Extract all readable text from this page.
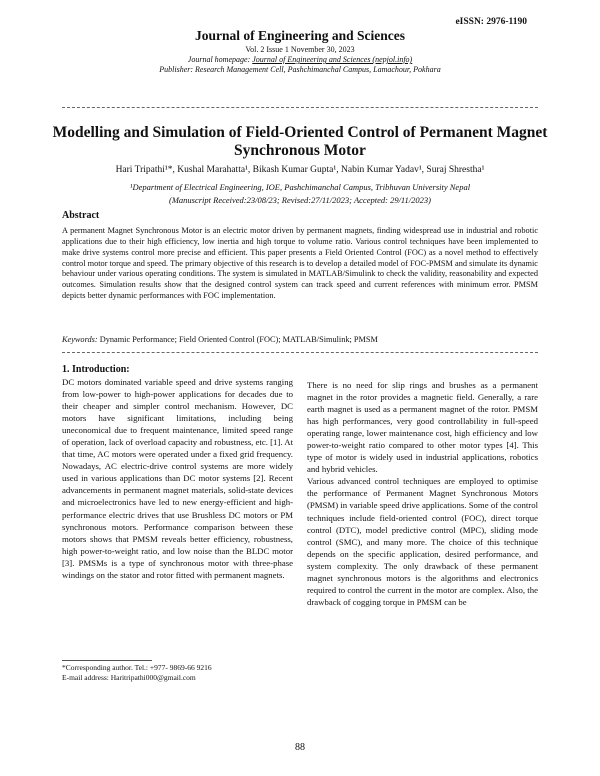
eISSN: 2976-1190
Journal of Engineering and Sciences
Vol. 2 Issue 1 November 30, 2023
Journal homepage: Journal of Engineering and Sciences (nepjol.info)
Publisher: Research Management Cell, Pashchimanchal Campus, Lamachour, Pokhara
Modelling and Simulation of Field-Oriented Control of Permanent Magnet Synchronous Motor
Hari Tripathi¹*, Kushal Marahatta¹, Bikash Kumar Gupta¹, Nabin Kumar Yadav¹, Suraj Shrestha¹
¹Department of Electrical Engineering, IOE, Pashchimanchal Campus, Tribhuvan University Nepal
(Manuscript Received:23/08/23; Revised:27/11/2023; Accepted: 29/11/2023)
Abstract
A permanent Magnet Synchronous Motor is an electric motor driven by permanent magnets, finding widespread use in industrial and robotic applications due to their high efficiency, low inertia and high torque to volume ratio. Various control techniques have been implemented to make drive systems control more precise and efficient. This paper presents a Field Oriented Control (FOC) as a novel method to effectively control motor torque and speed. The primary objective of this research is to develop a detailed model of FOC-PMSM and simulate its dynamic behaviour under various operating conditions. The system is simulated in MATLAB/Simulink to check the validity, reasonability and expected outcomes. Simulation results show that the designed control system can track speed and current references with minimum error. PMSM depicts better dynamic performances with FOC implementation.
Keywords: Dynamic Performance; Field Oriented Control (FOC); MATLAB/Simulink; PMSM
1. Introduction:

DC motors dominated variable speed and drive systems ranging from low-power to high-power applications for decades due to their cheaper and simpler control mechanism. However, DC motors have significant limitations, including being uneconomical due to frequent maintenance, limited speed range of operation, lack of overload capacity and robustness, etc. [1]. At that time, AC motors were operated under a fixed grid frequency. Nowadays, AC electric-drive control systems are more widely used in various applications than DC motor systems [2]. Recent advancements in permanent magnet materials, solid-state devices and microelectronics have led to new energy-efficient and high-performance electric drives that use Brushless DC motors or PM synchronous motors. Performance comparison between these motors shows that PMSM reveals better efficiency, robustness, high power-to-weight ratio, and low noise than the BLDC motor [3]. PMSMs is a type of synchronous motor with three-phase windings on the stator and rotor fitted with permanent magnets.

There is no need for slip rings and brushes as a permanent magnet in the rotor provides a magnetic field. Generally, a rare earth magnet is used as a permanent magnet of the rotor. PMSM has high performances, very good controllability in full-speed operating range, lower maintenance cost, high efficiency and low power-to-weight ratio compared to other motor types [4]. This type of motor is widely used in industrial applications, robotics and hybrid vehicles.

Various advanced control techniques are employed to optimise the performance of Permanent Magnet Synchronous Motors (PMSM) in variable speed drive applications. Some of the control techniques include field-oriented control (FOC), direct torque control (DTC), model predictive control (MPC), sliding mode control (SMC), and many more. The choice of this technique depends on the specific application, desired performance, and system complexity. The only drawback of these permanent magnet synchronous motors is the algorithms and electronics required to control the current in the motor are complex. Also, the drawback of cogging torque in PMSM can be

*Corresponding author. Tel.: +977- 9869-66 9216
E-mail address: Haritripathi000@gmail.com
88
